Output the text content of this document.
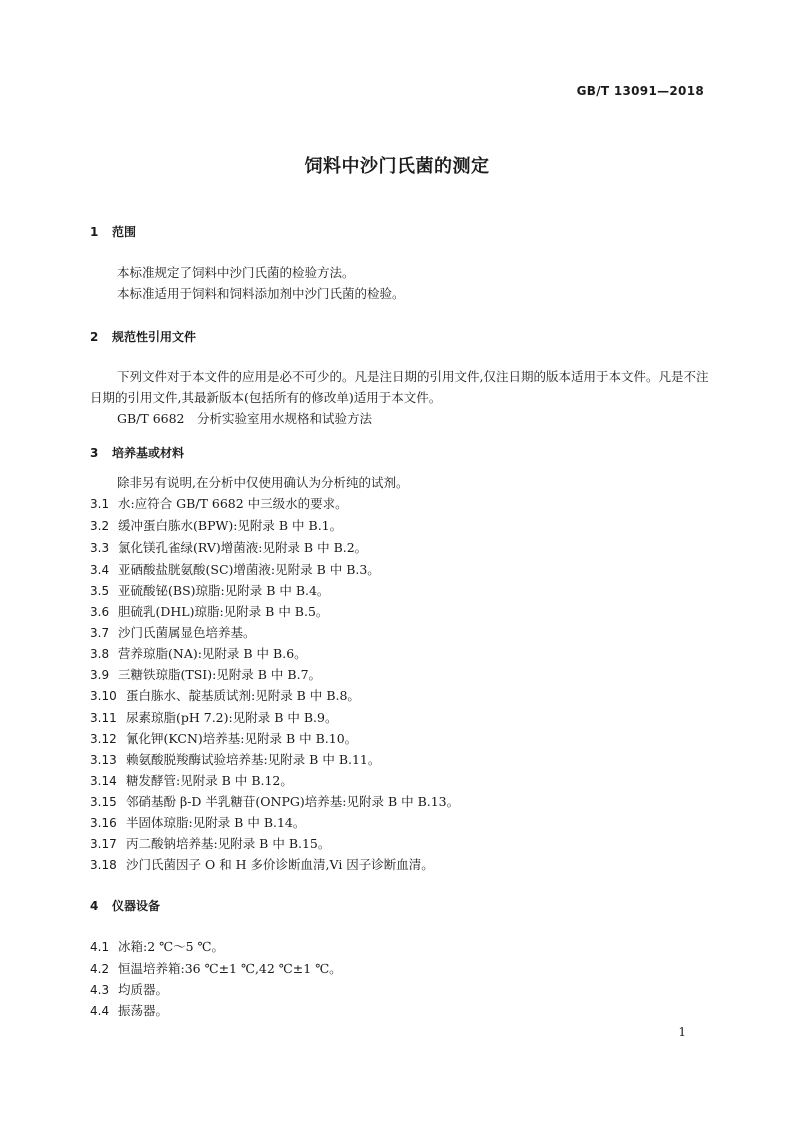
GB/T 13091—2018
饲料中沙门氏菌的测定
1 范围
本标准规定了饲料中沙门氏菌的检验方法。
本标准适用于饲料和饲料添加剂中沙门氏菌的检验。
2 规范性引用文件
下列文件对于本文件的应用是必不可少的。凡是注日期的引用文件,仅注日期的版本适用于本文件。凡是不注日期的引用文件,其最新版本(包括所有的修改单)适用于本文件。
GB/T 6682　分析实验室用水规格和试验方法
3 培养基或材料
除非另有说明,在分析中仅使用确认为分析纯的试剂。
3.1 水:应符合 GB/T 6682 中三级水的要求。
3.2 缓冲蛋白胨水(BPW):见附录 B 中 B.1。
3.3 氯化镁孔雀绿(RV)增菌液:见附录 B 中 B.2。
3.4 亚硒酸盐胱氨酸(SC)增菌液:见附录 B 中 B.3。
3.5 亚硫酸铋(BS)琼脂:见附录 B 中 B.4。
3.6 胆硫乳(DHL)琼脂:见附录 B 中 B.5。
3.7 沙门氏菌属显色培养基。
3.8 营养琼脂(NA):见附录 B 中 B.6。
3.9 三糖铁琼脂(TSI):见附录 B 中 B.7。
3.10 蛋白胨水、靛基质试剂:见附录 B 中 B.8。
3.11 尿素琼脂(pH 7.2):见附录 B 中 B.9。
3.12 氰化钾(KCN)培养基:见附录 B 中 B.10。
3.13 赖氨酸脱羧酶试验培养基:见附录 B 中 B.11。
3.14 糖发酵管:见附录 B 中 B.12。
3.15 邻硝基酚 β-D 半乳糖苷(ONPG)培养基:见附录 B 中 B.13。
3.16 半固体琼脂:见附录 B 中 B.14。
3.17 丙二酸钠培养基:见附录 B 中 B.15。
3.18 沙门氏菌因子 O 和 H 多价诊断血清,Vi 因子诊断血清。
4 仪器设备
4.1 冰箱:2 ℃～5 ℃。
4.2 恒温培养箱:36 ℃±1 ℃,42 ℃±1 ℃。
4.3 均质器。
4.4 振荡器。
1
